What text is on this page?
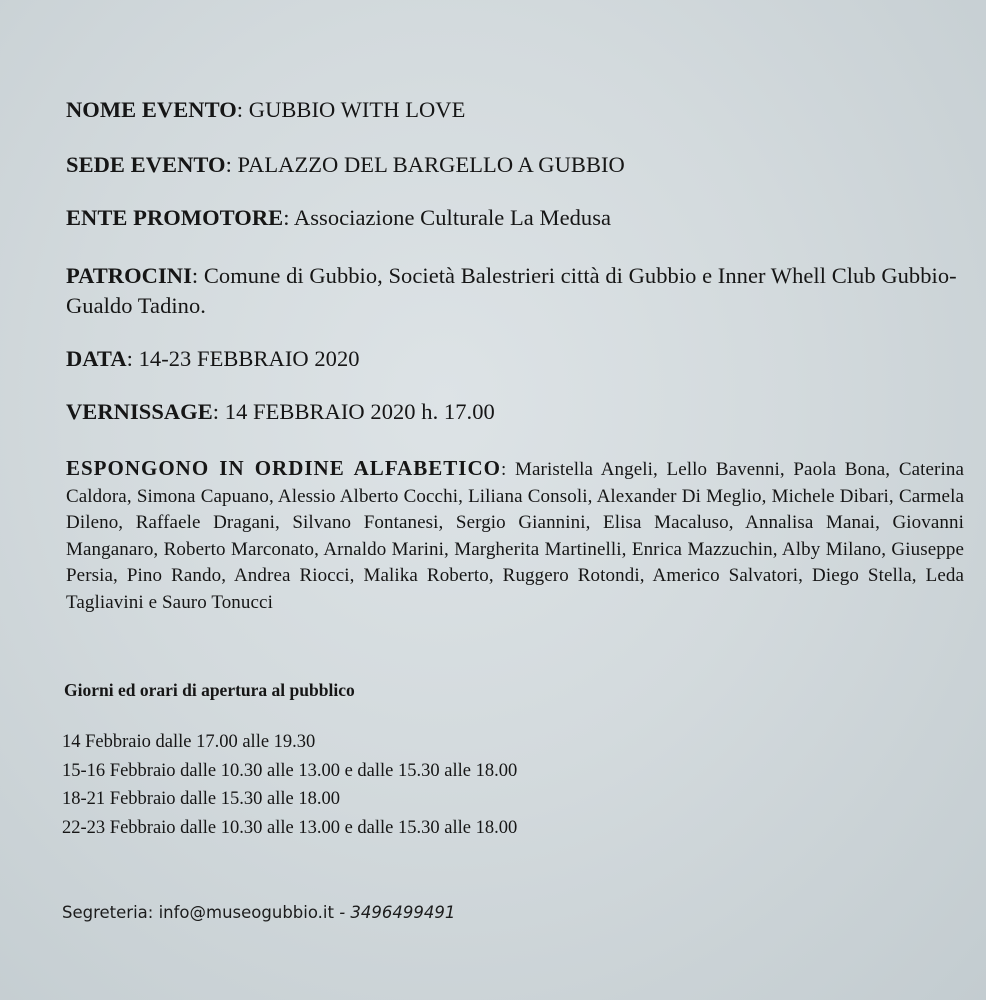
NOME EVENTO: GUBBIO WITH LOVE
SEDE EVENTO: PALAZZO DEL BARGELLO A GUBBIO
ENTE PROMOTORE: Associazione Culturale La Medusa
PATROCINI: Comune di Gubbio, Società Balestrieri città di Gubbio e Inner Whell Club Gubbio-Gualdo Tadino.
DATA: 14-23 FEBBRAIO 2020
VERNISSAGE: 14 FEBBRAIO 2020 h. 17.00
ESPONGONO IN ORDINE ALFABETICO: Maristella Angeli, Lello Bavenni, Paola Bona, Caterina Caldora, Simona Capuano, Alessio Alberto Cocchi, Liliana Consoli, Alexander Di Meglio, Michele Dibari, Carmela Dileno, Raffaele Dragani, Silvano Fontanesi, Sergio Giannini, Elisa Macaluso, Annalisa Manai, Giovanni Manganaro, Roberto Marconato, Arnaldo Marini, Margherita Martinelli, Enrica Mazzuchin, Alby Milano, Giuseppe Persia, Pino Rando, Andrea Riocci, Malika Roberto, Ruggero Rotondi, Americo Salvatori, Diego Stella, Leda Tagliavini e Sauro Tonucci
Giorni ed orari di apertura al pubblico
14 Febbraio dalle 17.00 alle 19.30
15-16 Febbraio dalle 10.30 alle 13.00 e dalle 15.30 alle 18.00
18-21 Febbraio dalle 15.30 alle 18.00
22-23 Febbraio dalle 10.30 alle 13.00 e dalle 15.30 alle 18.00
Segreteria: info@museogubbio.it - 3496499491
